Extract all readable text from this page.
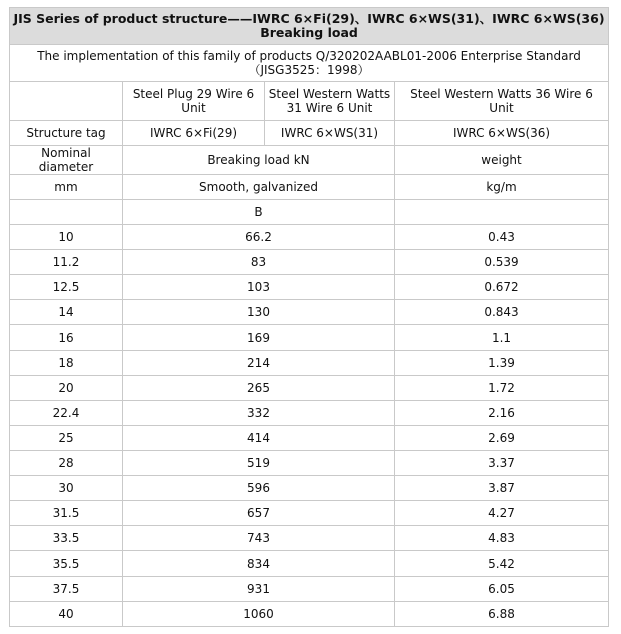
JIS Series of product structure——IWRC 6×Fi(29)、IWRC 6×WS(31)、IWRC 6×WS(36) Breaking load			
The implementation of this family of products Q/320202AABL01-2006 Enterprise Standard（JISG3525：1998）			
	Steel Plug 29 Wire 6 Unit	Steel Western Watts 31 Wire 6 Unit	Steel Western Watts 36 Wire 6 Unit
Structure tag	IWRC 6×Fi(29)	IWRC 6×WS(31)	IWRC 6×WS(36)
Nominal diameter	Breaking load kN		weight
mm	Smooth, galvanized		kg/m
	B		
10	66.2		0.43
11.2	83		0.539
12.5	103		0.672
14	130		0.843
16	169		1.1
18	214		1.39
20	265		1.72
22.4	332		2.16
25	414		2.69
28	519		3.37
30	596		3.87
31.5	657		4.27
33.5	743		4.83
35.5	834		5.42
37.5	931		6.05
40	1060		6.88
